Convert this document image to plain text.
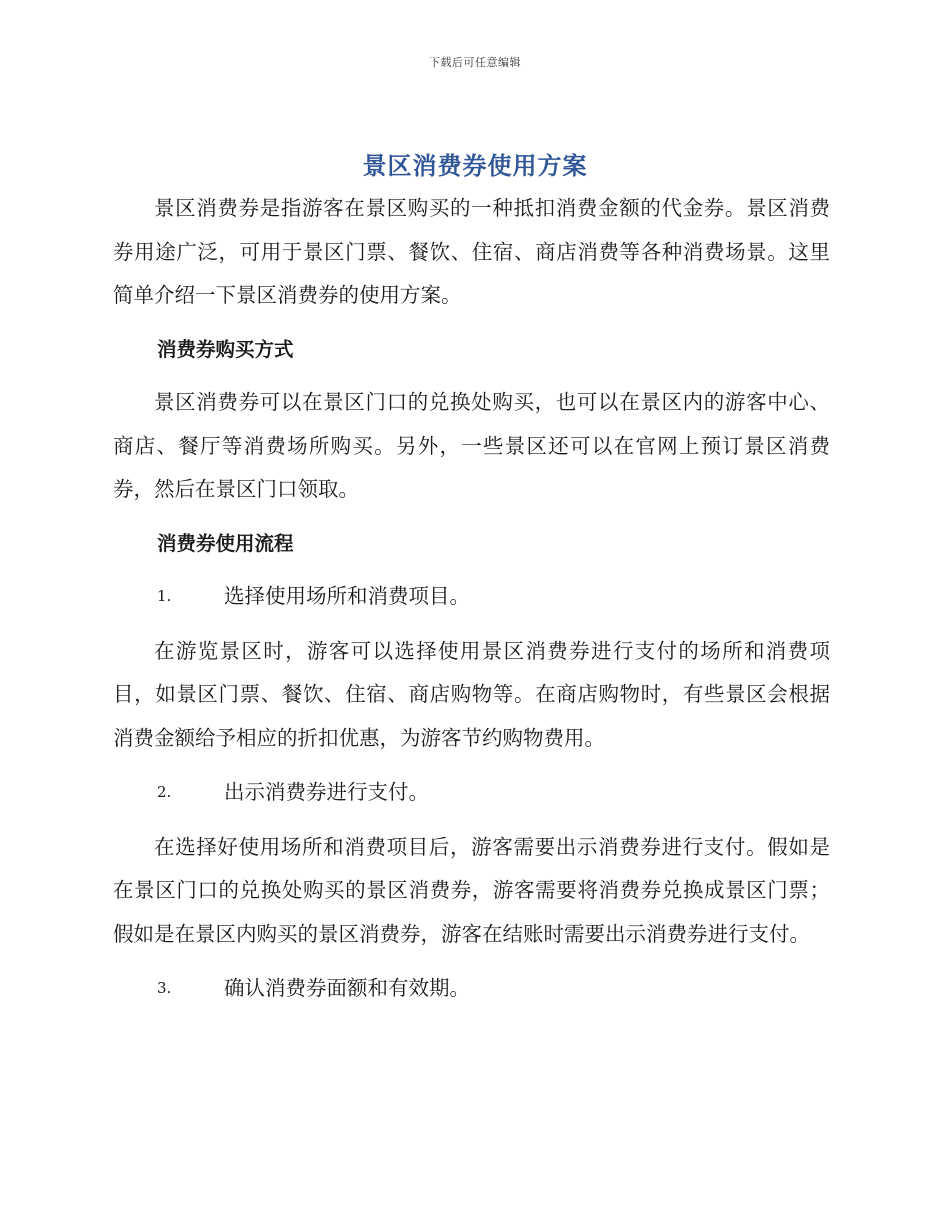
下载后可任意编辑
景区消费券使用方案

景区消费券是指游客在景区购买的一种抵扣消费金额的代金券。景区消费券用途广泛，可用于景区门票、餐饮、住宿、商店消费等各种消费场景。这里简单介绍一下景区消费券的使用方案。

消费券购买方式

景区消费券可以在景区门口的兑换处购买，也可以在景区内的游客中心、商店、餐厅等消费场所购买。另外，一些景区还可以在官网上预订景区消费券，然后在景区门口领取。

消费券使用流程

1.	选择使用场所和消费项目。

在游览景区时，游客可以选择使用景区消费券进行支付的场所和消费项目，如景区门票、餐饮、住宿、商店购物等。在商店购物时，有些景区会根据消费金额给予相应的折扣优惠，为游客节约购物费用。

2.	出示消费券进行支付。

在选择好使用场所和消费项目后，游客需要出示消费券进行支付。假如是在景区门口的兑换处购买的景区消费券，游客需要将消费券兑换成景区门票；假如是在景区内购买的景区消费券，游客在结账时需要出示消费券进行支付。

3.	确认消费券面额和有效期。
